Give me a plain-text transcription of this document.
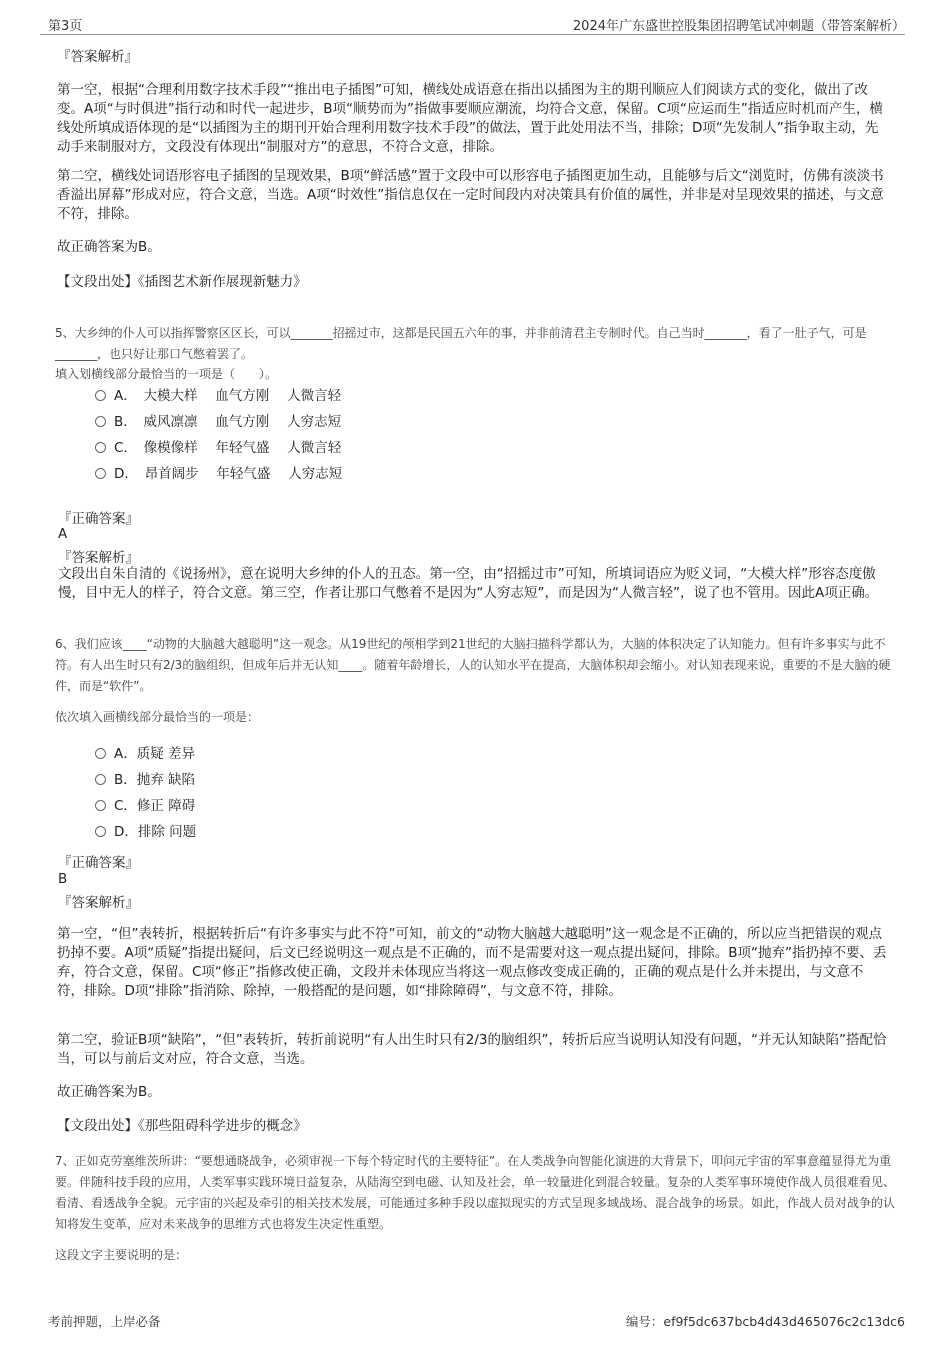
第3页	2024年广东盛世控股集团招聘笔试冲刺题（带答案解析）
『答案解析』
第一空，根据“合理利用数字技术手段”“推出电子插图”可知，横线处成语意在指出以插图为主的期刊顺应人们阅读方式的变化，做出了改变。A项“与时俱进”指行动和时代一起进步，B项“顺势而为”指做事要顺应潮流，均符合文意，保留。C项“应运而生”指适应时机而产生，横线处所填成语体现的是“以插图为主的期刊开始合理利用数字技术手段”的做法，置于此处用法不当，排除；D项“先发制人”指争取主动，先动手来制服对方，文段没有体现出“制服对方”的意思，不符合文意，排除。
第二空，横线处词语形容电子插图的呈现效果，B项“鲜活感”置于文段中可以形容电子插图更加生动，且能够与后文“浏览时，仿佛有淡淡书香溢出屏幕”形成对应，符合文意，当选。A项“时效性”指信息仅在一定时间段内对决策具有价值的属性，并非是对呈现效果的描述，与文意不符，排除。
故正确答案为B。
【文段出处】《插图艺术新作展现新魅力》
5、大乡绅的仆人可以指挥警察区区长，可以_______招摇过市，这都是民国五六年的事，并非前清君主专制时代。自己当时_______，看了一肚子气，可是_______，也只好让那口气憋着罢了。
填入划横线部分最恰当的一项是（　　）。
A．　大模大样　 血气方刚　 人微言轻
B．　威风凛凛　 血气方刚　 人穷志短
C．　像模像样　 年轻气盛　 人微言轻
D．　昂首阔步　 年轻气盛　 人穷志短
『正确答案』
A
『答案解析』
文段出自朱自清的《说扬州》，意在说明大乡绅的仆人的丑态。第一空，由“招摇过市”可知，所填词语应为贬义词，“大模大样”形容态度傲慢，目中无人的样子，符合文意。第三空，作者让那口气憋着不是因为“人穷志短”，而是因为“人微言轻”，说了也不管用。因此A项正确。
6、我们应该____“动物的大脑越大越聪明”这一观念。从19世纪的颅相学到21世纪的大脑扫描科学都认为，大脑的体积决定了认知能力。但有许多事实与此不符。有人出生时只有2/3的脑组织，但成年后并无认知____。随着年龄增长，人的认知水平在提高，大脑体积却会缩小。对认知表现来说，重要的不是大脑的硬件，而是“软件”。
依次填入画横线部分最恰当的一项是：
A．质疑 差异
B．抛弃 缺陷
C．修正 障碍
D．排除 问题
『正确答案』
B
『答案解析』
第一空，“但”表转折，根据转折后“有许多事实与此不符”可知，前文的“动物大脑越大越聪明”这一观念是不正确的，所以应当把错误的观点扔掉不要。A项“质疑”指提出疑问，后文已经说明这一观点是不正确的，而不是需要对这一观点提出疑问，排除。B项“抛弃”指扔掉不要、丢弃，符合文意，保留。C项“修正”指修改使正确，文段并未体现应当将这一观点修改变成正确的，正确的观点是什么并未提出，与文意不符，排除。D项“排除”指消除、除掉，一般搭配的是问题，如“排除障碍”，与文意不符，排除。
第二空，验证B项“缺陷”，“但”表转折，转折前说明“有人出生时只有2/3的脑组织”，转折后应当说明认知没有问题，“并无认知缺陷”搭配恰当，可以与前后文对应，符合文意，当选。
故正确答案为B。
【文段出处】《那些阻碍科学进步的概念》
7、正如克劳塞维茨所讲：“要想通晓战争，必须审视一下每个特定时代的主要特征”。在人类战争向智能化演进的大背景下，叩问元宇宙的军事意蕴显得尤为重要。伴随科技手段的应用，人类军事实践环境日益复杂，从陆海空到电磁、认知及社会，单一较量进化到混合较量。复杂的人类军事环境使作战人员很难看见、看清、看透战争全貌。元宇宙的兴起及牵引的相关技术发展，可能通过多种手段以虚拟现实的方式呈现多域战场、混合战争的场景。如此，作战人员对战争的认知将发生变革，应对未来战争的思维方式也将发生决定性重塑。
这段文字主要说明的是：
考前押题，上岸必备	编号：ef9f5dc637bcb4d43d465076c2c13dc6
